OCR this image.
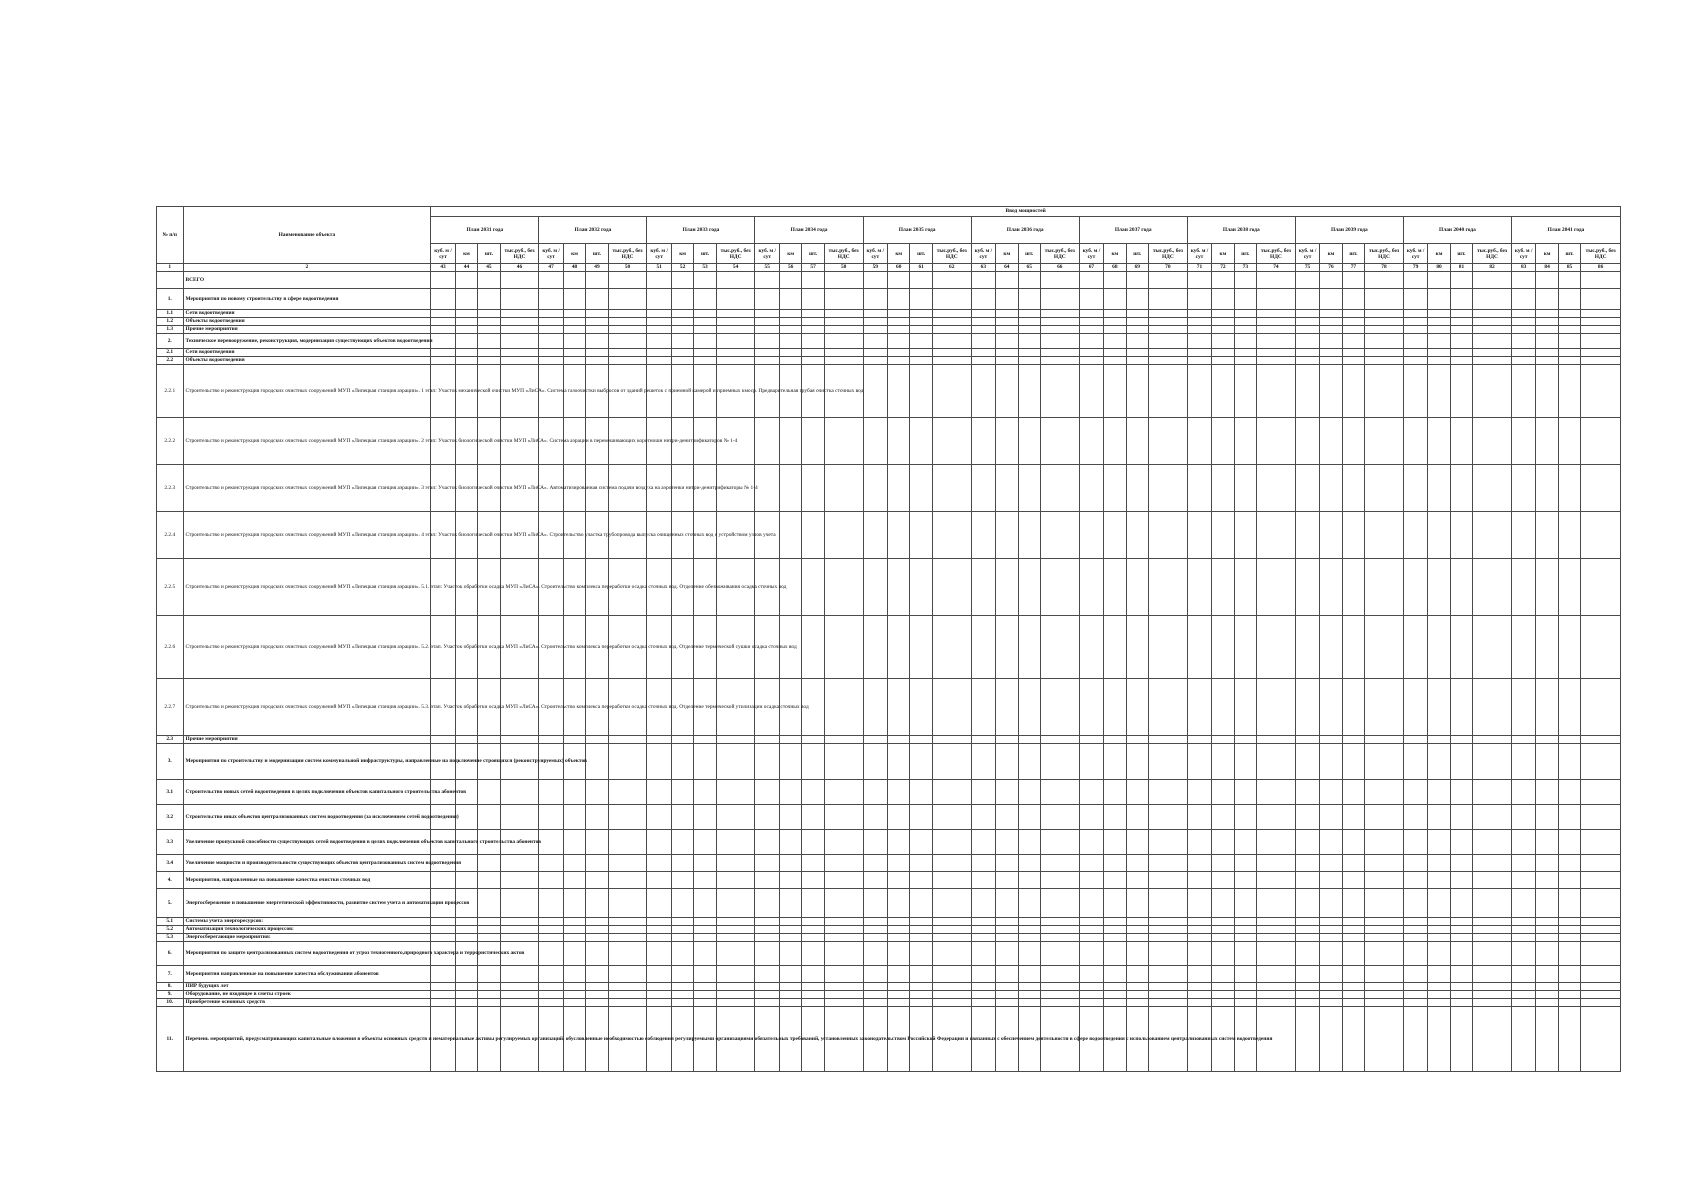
№ п/п	Наименование объекта	Ввод мощностей																																											
		План 2031 года				План 2032 года				План 2033 года				План 2034 года				План 2035 года				План 2036 года				План 2037 года				План 2038 года				План 2039 года				План 2040 года				План 2041 года			
		куб. м / сут	км	шт.	тыс.руб., без НДС	куб. м / сут	км	шт.	тыс.руб., без НДС	куб. м / сут	км	шт.	тыс.руб., без НДС	куб. м / сут	км	шт.	тыс.руб., без НДС	куб. м / сут	км	шт.	тыс.руб., без НДС	куб. м / сут	км	шт.	тыс.руб., без НДС	куб. м / сут	км	шт.	тыс.руб., без НДС	куб. м / сут	км	шт.	тыс.руб., без НДС	куб. м / сут	км	шт.	тыс.руб., без НДС	куб. м / сут	км	шт.	тыс.руб., без НДС	куб. м / сут	км	шт.	тыс.руб., без НДС
1	2	43	44	45	46	47	48	49	50	51	52	53	54	55	56	57	58	59	60	61	62	63	64	65	66	67	68	69	70	71	72	73	74	75	76	77	78	79	80	81	82	83	84	85	86
	ВСЕГО																																												
1.	Мероприятия по новому строительству в сфере водоотведения																																												
1.1	Сети водоотведения																																												
1.2	Объекты водоотведения																																												
1.3	Прочие мероприятия																																												
2.	Техническое перевооружение, реконструкция, модернизация существующих объектов водоотведения																																												
2.1	Сети водоотведения																																												
2.2	Объекты водоотведения																																												
2.2.1	Строительство и реконструкция городских очистных сооружений МУП «Липецкая станция аэрации». 1 этап: Участок механической очистки МУП «ЛиСА». Система газоочистки выбросов от зданий решеток с приемной камерой и приемных кмоср. Предварительная грубая очистка сточных вод																																												
2.2.2	Строительство и реконструкция городских очистных сооружений МУП «Липецкая станция аэрации». 2 этап: Участок биологической очистки МУП «ЛиСА». Система аэрации в перемешивающих коротношн нитри-денитрификаторов № 1-4																																												
2.2.3	Строительство и реконструкция городских очистных сооружений МУП «Липецкая станция аэрации». 3 этап: Участок биологической очистки МУП «ЛиСА». Автоматизированная система подачи воздуха на аэротенки нитри-денитрификаторы № 1-4																																												
2.2.4	Строительство и реконструкция городских очистных сооружений МУП «Липецкая станция аэрации». 4 этап: Участок биологической очистки МУП «ЛиСА». Строительство участка трубопровода выпуска очищенных сточных вод с устройством узлов учета																																												
2.2.5	Строительство и реконструкция городских очистных сооружений МУП «Липецкая станция аэрации». 5.1. этап: Участок обработки осадка МУП «ЛиСА». Строительство комплекса переработки осадка сточных вод. Отделение обезвоживания осадка сточных вод																																												
2.2.6	Строительство и реконструкция городских очистных сооружений МУП «Липецкая станция аэрации». 5.2. этап. Участок обработки осадка МУП «ЛиСА». Строительство комплекса переработки осадка сточных вод. Отделение термической сушки осадка сточных вод																																												
2.2.7	Строительство и реконструкция городских очистных сооружений МУП «Липецкая станция аэрации». 5.3. этап. Участок обработки осадка МУП «ЛиСА». Строительство комплекса переработки осадка сточных вод. Отделение термической утилизации осадка сточных вод																																												
2.3	Прочие мероприятия																																												
3.	Мероприятия по строительству и модернизации систем коммунальной инфраструктуры, направленные на подключение строящихся (реконструируемых) объектов																																												
3.1	Строительство новых сетей водоотведения в целях подключения объектов капитального строительства абонентов																																												
3.2	Строительство иных объектов централизованных систем водоотведения (за исключением сетей водоотведения)																																												
3.3	Увеличение пропускной способности существующих сетей водоотведения в целях подключения объектов капитального строительства абонентов																																												
3.4	Увеличение мощности и производительности существующих объектов централизованных систем водоотведения																																												
4.	Мероприятия, направленные на повышение качества очистки сточных вод																																												
5.	Энергосбережение и повышение энергетической эффективности, развитие систем учета и автоматизации процессов																																												
5.1	Системы учета энергоресурсов:																																												
5.2	Автоматизация технологических процессов:																																												
5.3	Энергосберегающие мероприятия:																																												
6.	Мероприятия по защите централизованных систем водоотведения от угроз техногенного,природного характера и террористических актов																																												
7.	Мероприятия направленные на повышение качества обслуживания абонентов																																												
8.	ПИР будущих лет																																												
9.	Оборудование, не входящее в сметы строек																																												
10.	Приобретение основных средств																																												
11.	Перечень мероприятий, предусматривающих капитальные вложения в объекты основных средств и нематериальные активы регулируемых организаций, обусловленные необходимостью соблюдения регулируемыми организациями обязательных требований, установленных законодательством Российской Федерации и связанных с обеспечением деятельности в сфере водоотведения с использованием централизованных систем водоотведения																																												
